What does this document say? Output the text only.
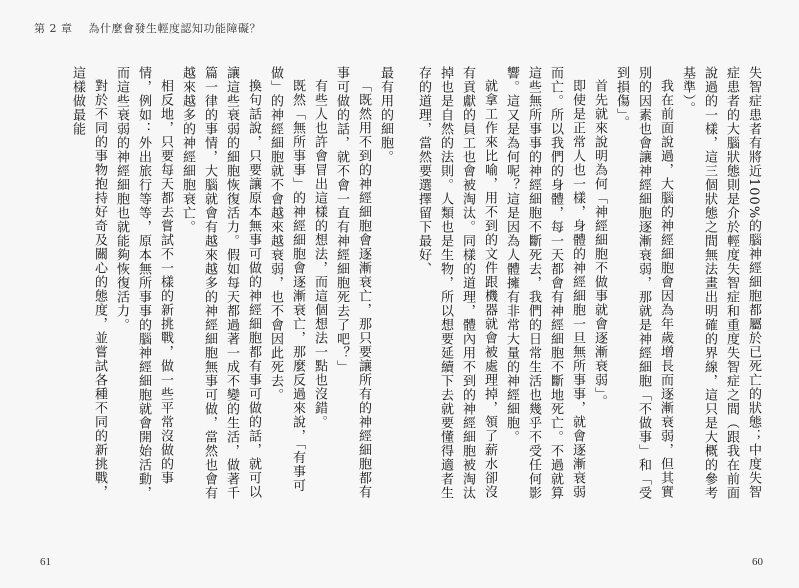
第 2 章 為什麼會發生輕度認知功能障礙？

最有用的細胞。

「既然用不到的神經細胞會逐漸衰亡，那只要讓所有的神經細胞都有事可做的話，就不會一直有神經細胞死去了吧？」

有些人也許會冒出這樣的想法，而這個想法一點也沒錯。

既然「無所事事」的神經細胞會逐漸衰亡，那麼反過來說，「有事可做」的神經細胞就不會越來越衰弱，也不會因此死去。

換句話說，只要讓原本無事可做的神經細胞都有事可做的話，就可以讓這些衰弱的細胞恢復活力。假如每天都過著一成不變的生活，做著千篇一律的事情，大腦就會有越來越多的神經細胞無事可做，當然也會有越來越多的神經細胞衰亡。

相反地，只要每天都去嘗試不一樣的新挑戰，做一些平常沒做的事情，例如：外出旅行等等，原本無所事事的腦神經細胞就會開始活動，而這些衰弱的神經細胞也就能夠恢復活力。

對於不同的事物抱持好奇及關心的態度，並嘗試各種不同的新挑戰，這樣做最能	失智症患者有將近100%的腦神經細胞都屬於已死亡的狀態；中度失智症患者的大腦狀態則是介於輕度失智症和重度失智症之間（跟我在前面說過的一樣，這三個狀態之間無法畫出明確的界線，這只是大概的參考基準）。

我在前面說過，大腦的神經細胞會因為年歲增長而逐漸衰弱，但其實別的因素也會讓神經細胞逐漸衰弱，那就是神經細胞「不做事」和「受到損傷」。

首先就來說明為何「神經細胞不做事就會逐漸衰弱」。

即使是正常人也一樣，身體的神經細胞一旦無所事事，就會逐漸衰弱而亡。所以我們的身體，每一天都會有神經細胞不斷地死亡。不過就算這些無所事事的神經細胞不斷死去，我們的日常生活也幾乎不受任何影響。這又是為何呢？這是因為人體擁有非常大量的神經細胞。

就拿工作來比喻，用不到的文件跟機器就會被處理掉，領了薪水卻沒有貢獻的員工也會被淘汰。同樣的道理，體內用不到的神經細胞被淘汰掉也是自然的法則。人類也是生物，所以想要延續下去就要懂得適者生存的道理，當然要選擇留下最好、

61	60
